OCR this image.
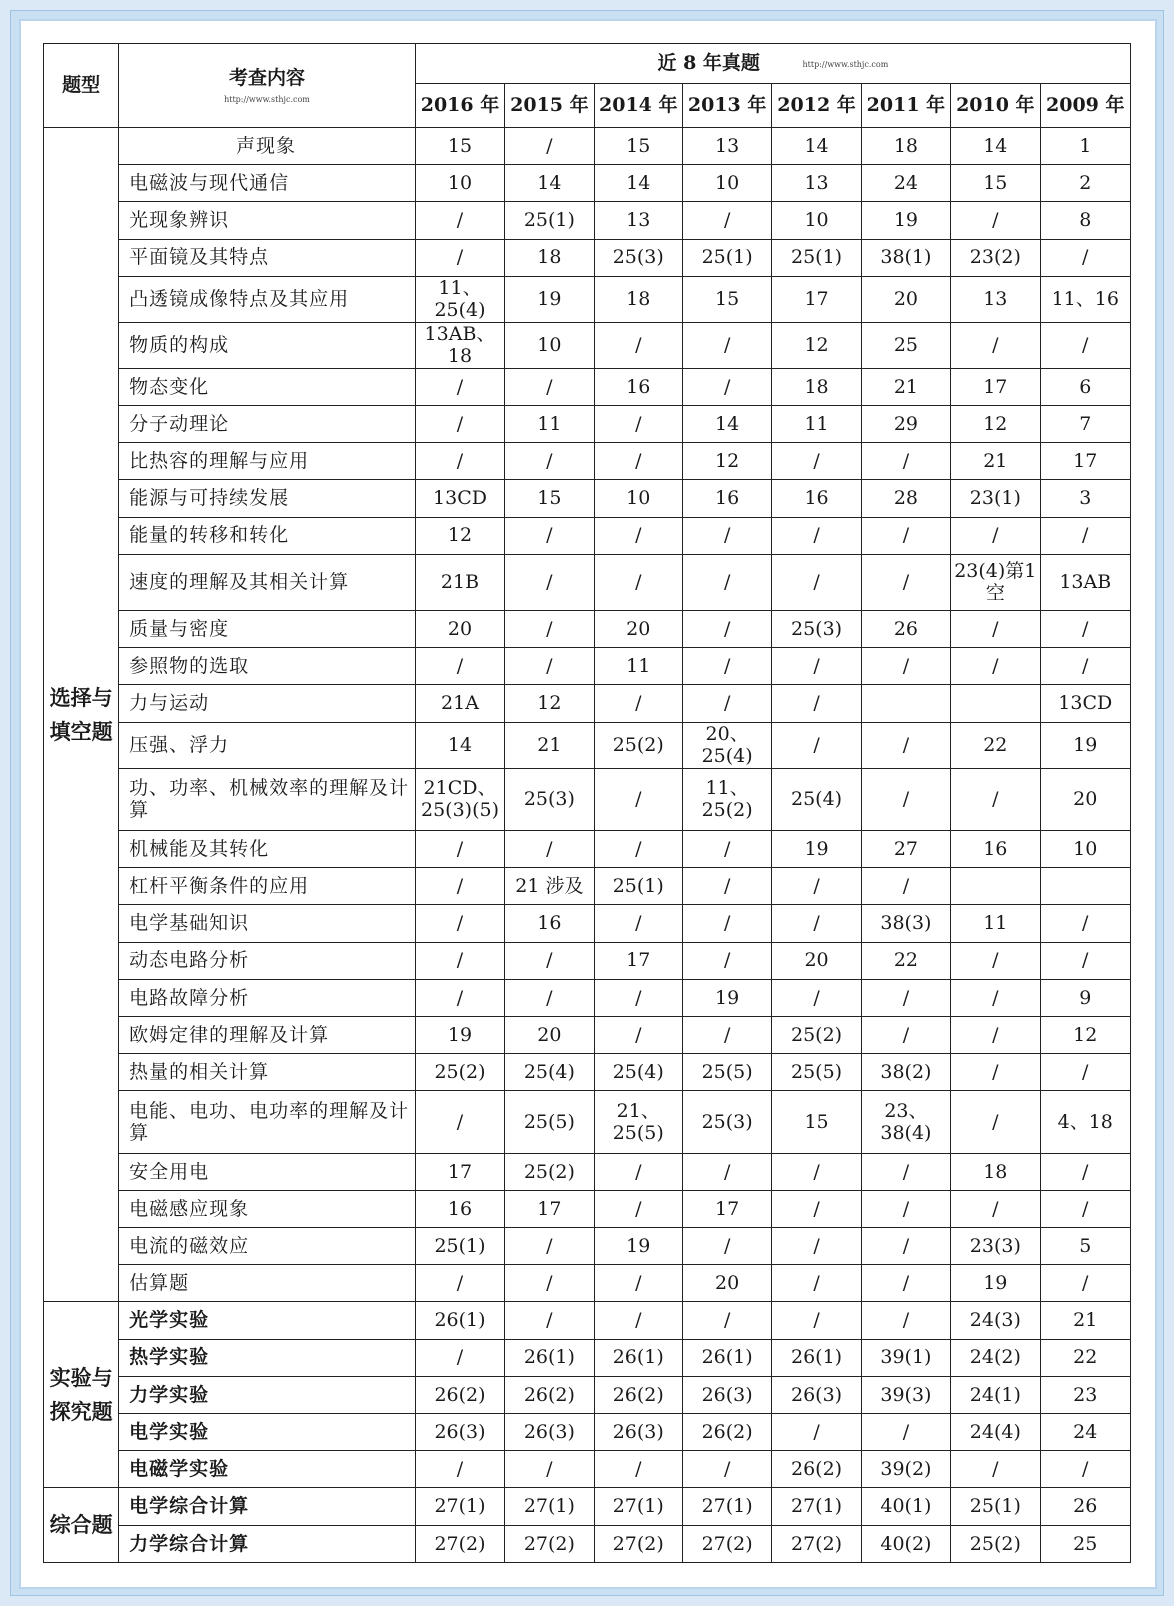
题型	考查内容
http://www.sthjc.com	近 8 年真题 http://www.sthjc.com							
		2016 年	2015 年	2014 年	2013 年	2012 年	2011 年	2010 年	2009 年
选择与填空题	声现象	15	/	15	13	14	18	14	1
	电磁波与现代通信	10	14	14	10	13	24	15	2
	光现象辨识	/	25(1)	13	/	10	19	/	8
	平面镜及其特点	/	18	25(3)	25(1)	25(1)	38(1)	23(2)	/
	凸透镜成像特点及其应用	11、25(4)	19	18	15	17	20	13	11、16
	物质的构成	13AB、18	10	/	/	12	25	/	/
	物态变化	/	/	16	/	18	21	17	6
	分子动理论	/	11	/	14	11	29	12	7
	比热容的理解与应用	/	/	/	12	/	/	21	17
	能源与可持续发展	13CD	15	10	16	16	28	23(1)	3
	能量的转移和转化	12	/	/	/	/	/	/	/
	速度的理解及其相关计算	21B	/	/	/	/	/	23(4)第1空	13AB
	质量与密度	20	/	20	/	25(3)	26	/	/
	参照物的选取	/	/	11	/	/	/	/	/
	力与运动	21A	12	/	/	/			13CD
	压强、浮力	14	21	25(2)	20、25(4)	/	/	22	19
	功、功率、机械效率的理解及计算	21CD、25(3)(5)	25(3)	/	11、25(2)	25(4)	/	/	20
	机械能及其转化	/	/	/	/	19	27	16	10
	杠杆平衡条件的应用	/	21 涉及	25(1)	/	/	/		
	电学基础知识	/	16	/	/	/	38(3)	11	/
	动态电路分析	/	/	17	/	20	22	/	/
	电路故障分析	/	/	/	19	/	/	/	9
	欧姆定律的理解及计算	19	20	/	/	25(2)	/	/	12
	热量的相关计算	25(2)	25(4)	25(4)	25(5)	25(5)	38(2)	/	/
	电能、电功、电功率的理解及计算	/	25(5)	21、25(5)	25(3)	15	23、38(4)	/	4、18
	安全用电	17	25(2)	/	/	/	/	18	/
	电磁感应现象	16	17	/	17	/	/	/	/
	电流的磁效应	25(1)	/	19	/	/	/	23(3)	5
	估算题	/	/	/	20	/	/	19	/
实验与探究题	光学实验	26(1)	/	/	/	/	/	24(3)	21
	热学实验	/	26(1)	26(1)	26(1)	26(1)	39(1)	24(2)	22
	力学实验	26(2)	26(2)	26(2)	26(3)	26(3)	39(3)	24(1)	23
	电学实验	26(3)	26(3)	26(3)	26(2)	/	/	24(4)	24
	电磁学实验	/	/	/	/	26(2)	39(2)	/	/
综合题	电学综合计算	27(1)	27(1)	27(1)	27(1)	27(1)	40(1)	25(1)	26
	力学综合计算	27(2)	27(2)	27(2)	27(2)	27(2)	40(2)	25(2)	25
